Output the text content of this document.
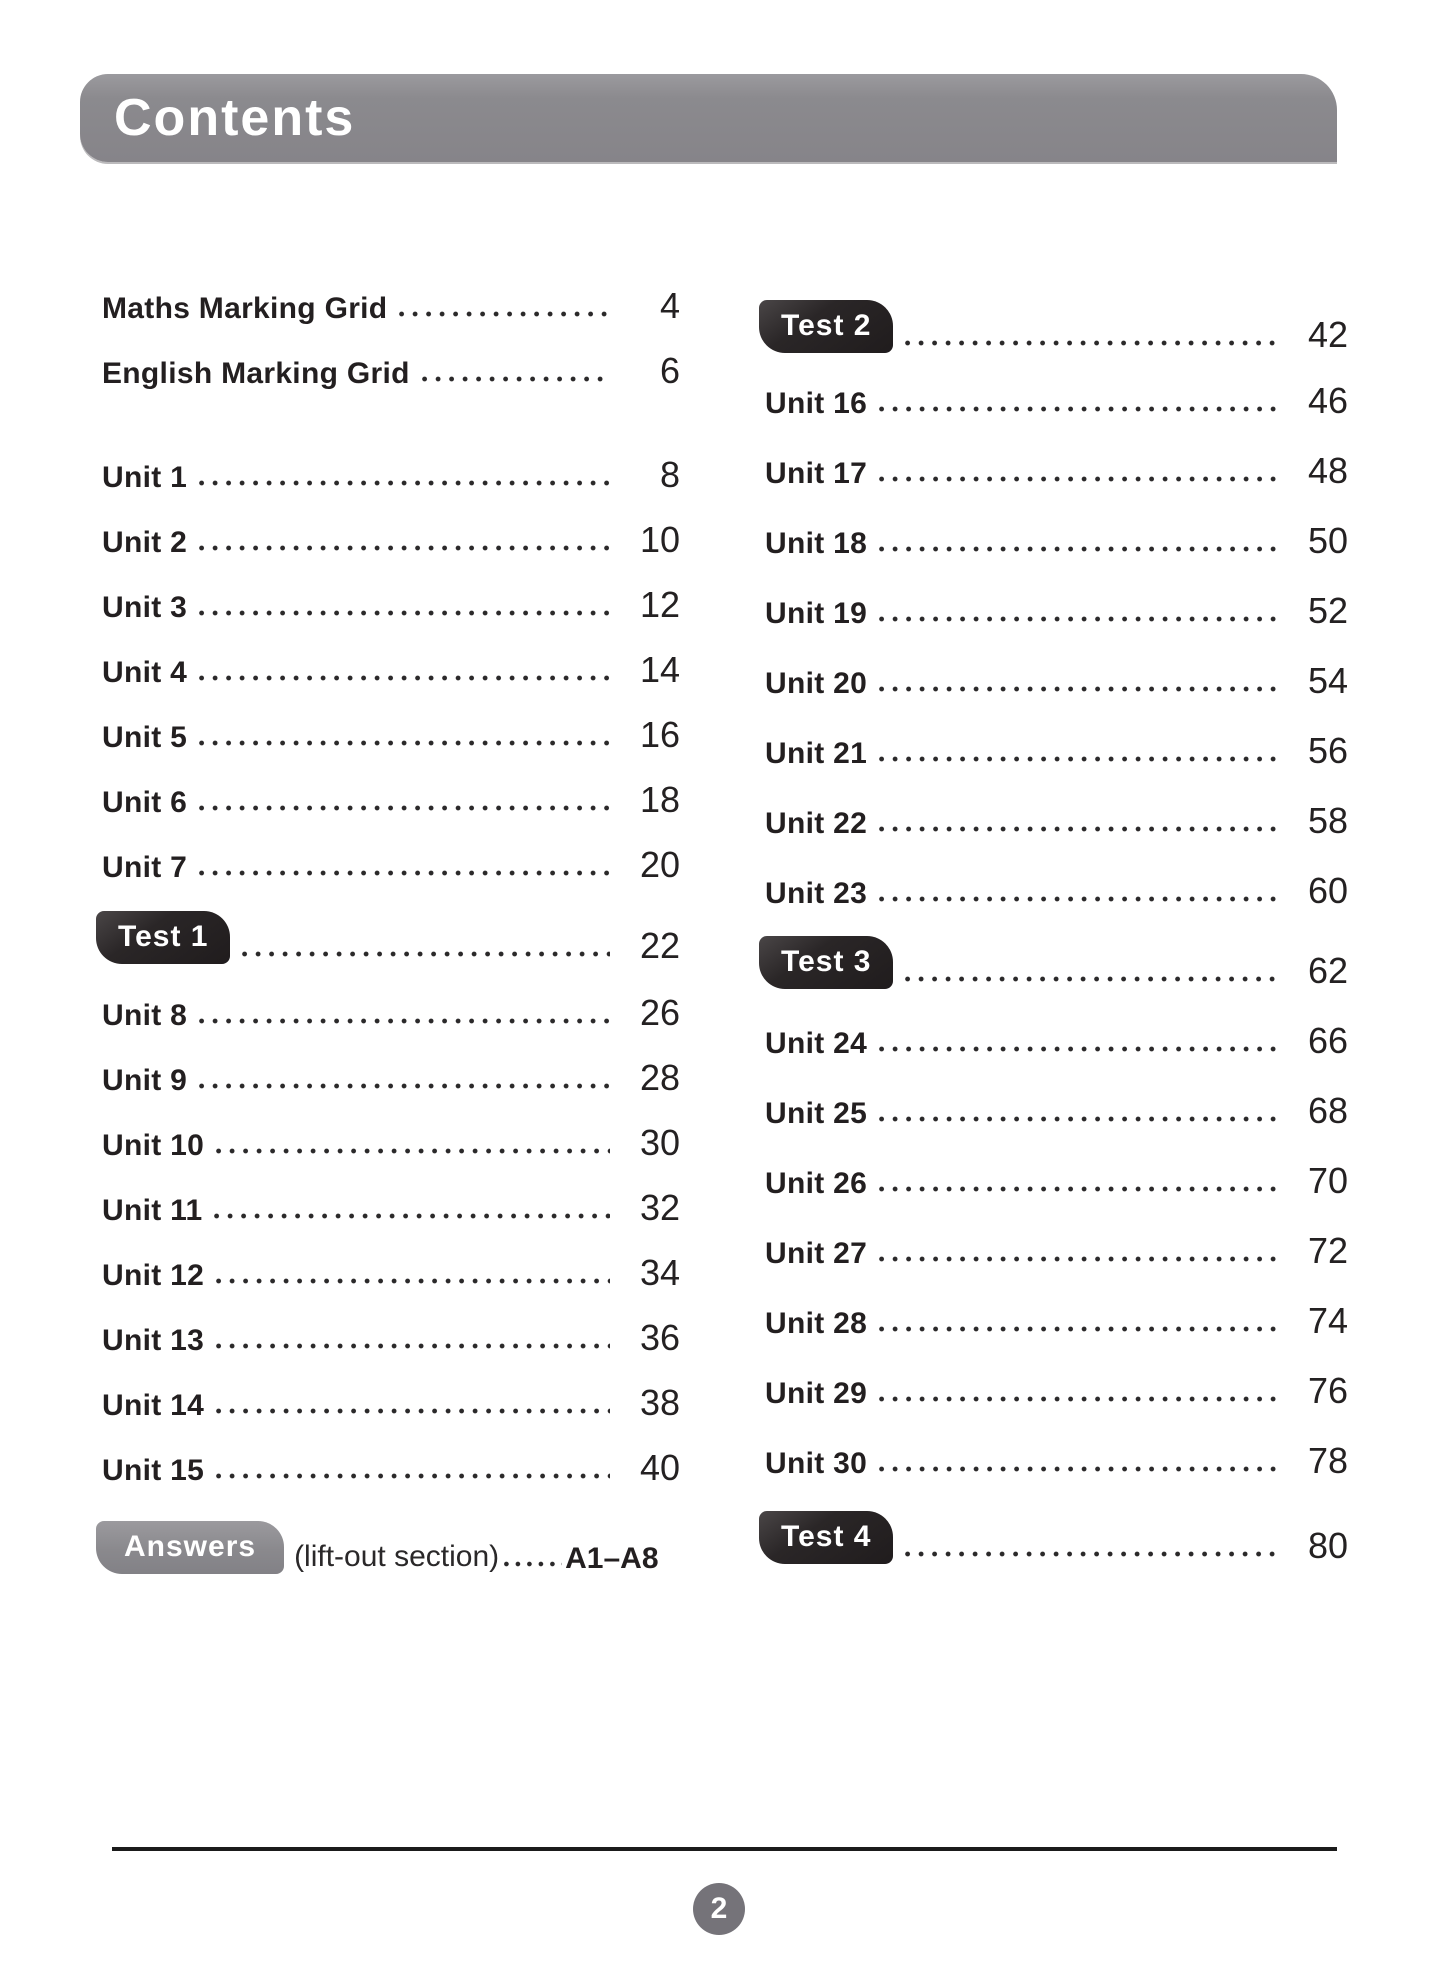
Contents
Maths Marking Grid	4
English Marking Grid	6
Unit 1	8
Unit 2	10
Unit 3	12
Unit 4	14
Unit 5	16
Unit 6	18
Unit 7	20
Test 1	22
Unit 8	26
Unit 9	28
Unit 10	30
Unit 11	32
Unit 12	34
Unit 13	36
Unit 14	38
Unit 15	40
Answers	(lift-out section) A1–A8
Test 2	42
Unit 16	46
Unit 17	48
Unit 18	50
Unit 19	52
Unit 20	54
Unit 21	56
Unit 22	58
Unit 23	60
Test 3	62
Unit 24	66
Unit 25	68
Unit 26	70
Unit 27	72
Unit 28	74
Unit 29	76
Unit 30	78
Test 4	80
2
